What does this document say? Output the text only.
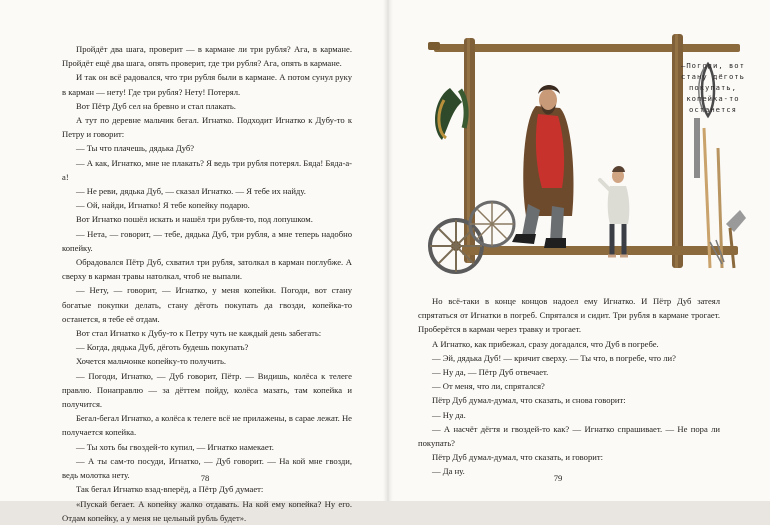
Пройдёт два шага, проверит — в кармане ли три рубля? Ага, в кармане. Пройдёт ещё два шага, опять проверит, где три рубля? Ага, опять в кармане.

И так он всё радовался, что три рубля были в кармане. А потом сунул руку в карман — нету! Где три рубля? Нету! Потерял.

Вот Пётр Дуб сел на бревно и стал плакать.

А тут по деревне мальчик бегал. Игнатко. Подходит Игнатко к Дубу-то к Петру и говорит:

— Ты что плачешь, дядька Дуб?

— А как, Игнатко, мне не плакать? Я ведь три рубля потерял. Бяда! Бяда-а-а!

— Не реви, дядька Дуб, — сказал Игнатко. — Я тебе их найду.

— Ой, найди, Игнатко! Я тебе копейку подарю.

Вот Игнатко пошёл искать и нашёл три рубля-то, под лопушком.

— Нета, — говорит, — тебе, дядька Дуб, три рубля, а мне теперь надобно копейку.

Обрадовался Пётр Дуб, схватил три рубля, затолкал в карман поглубже. А сверху в карман травы натолкал, чтоб не выпали.

— Нету, — говорит, — Игнатко, у меня копейки. Погоди, вот стану богатые покупки делать, стану дёготь покупать да гвозди, копейка-то останется, я тебе её отдам.

Вот стал Игнатко к Дубу-то к Петру чуть не каждый день забегать:

— Когда, дядька Дуб, дёготь будешь покупать?

Хочется мальчонке копейку-то получить.

— Погоди, Игнатко, — Дуб говорит, Пётр. — Видишь, колёса к телеге правлю. Понаправлю — за дёттем пойду, колёса мазать, там копейка и получится.

Бегал-бегал Игнатко, а колёса к телеге всё не прилажены, в сарае лежат. Не получается копейка.

— Ты хоть бы гвоздей-то купил, — Игнатко намекает.

— А ты сам-то посуди, Игнатко, — Дуб говорит. — На кой мне гвозди, ведь молотка нету.

Так бегал Игнатко взад-вперёд, а Пётр Дуб думает:

«Пускай бегает. А копейку жалко отдавать. На кой ему копейка? Ну его. Отдам копейку, а у меня не цельный рубль будет».

78
—Погоди, вот стану дёготь покупать, копейка-то останется

Но всё-таки в конце концов надоел ему Игнатко. И Пётр Дуб затеял спрятаться от Игнатки в погреб. Спрятался и сидит. Три рубля в кармане трогает. Проберётся в карман через травку и трогает.

А Игнатко, как прибежал, сразу догадался, что Дуб в погребе.

— Эй, дядька Дуб! — кричит сверху. — Ты что, в погребе, что ли?

— Ну да, — Пётр Дуб отвечает.

— От меня, что ли, спрятался?

Пётр Дуб думал-думал, что сказать, и снова говорит:

— Ну да.

— А насчёт дёгтя и гвоздей-то как? — Игнатко спрашивает. — Не пора ли покупать?

Пётр Дуб думал-думал, что сказать, и говорит:

— Да ну.

79
